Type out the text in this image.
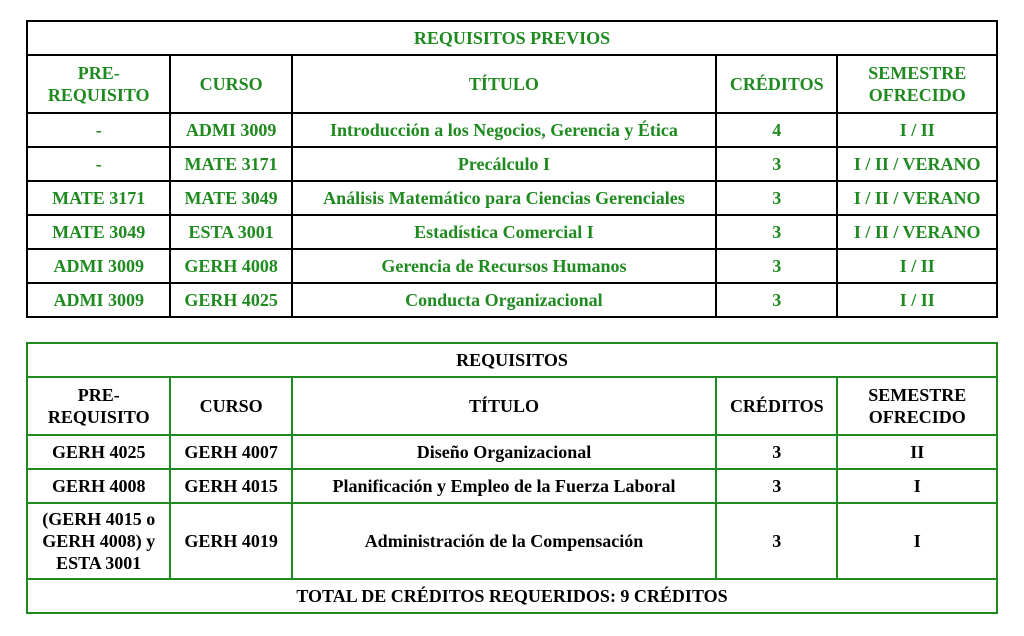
REQUISITOS PREVIOS				
PRE-
REQUISITO	CURSO	TÍTULO	CRÉDITOS	SEMESTRE
OFRECIDO
-	ADMI 3009	Introducción a los Negocios, Gerencia y Ética	4	I / II
-	MATE 3171	Precálculo I	3	I / II / VERANO
MATE 3171	MATE 3049	Análisis Matemático para Ciencias Gerenciales	3	I / II / VERANO
MATE 3049	ESTA 3001	Estadística Comercial I	3	I / II / VERANO
ADMI 3009	GERH 4008	Gerencia de Recursos Humanos	3	I / II
ADMI 3009	GERH 4025	Conducta Organizacional	3	I / II
REQUISITOS				
PRE-
REQUISITO	CURSO	TÍTULO	CRÉDITOS	SEMESTRE
OFRECIDO
GERH 4025	GERH 4007	Diseño Organizacional	3	II
GERH 4008	GERH 4015	Planificación y Empleo de la Fuerza Laboral	3	I
(GERH 4015 o
GERH 4008) y
ESTA 3001	GERH 4019	Administración de la Compensación	3	I
TOTAL DE CRÉDITOS REQUERIDOS: 9 CRÉDITOS				
